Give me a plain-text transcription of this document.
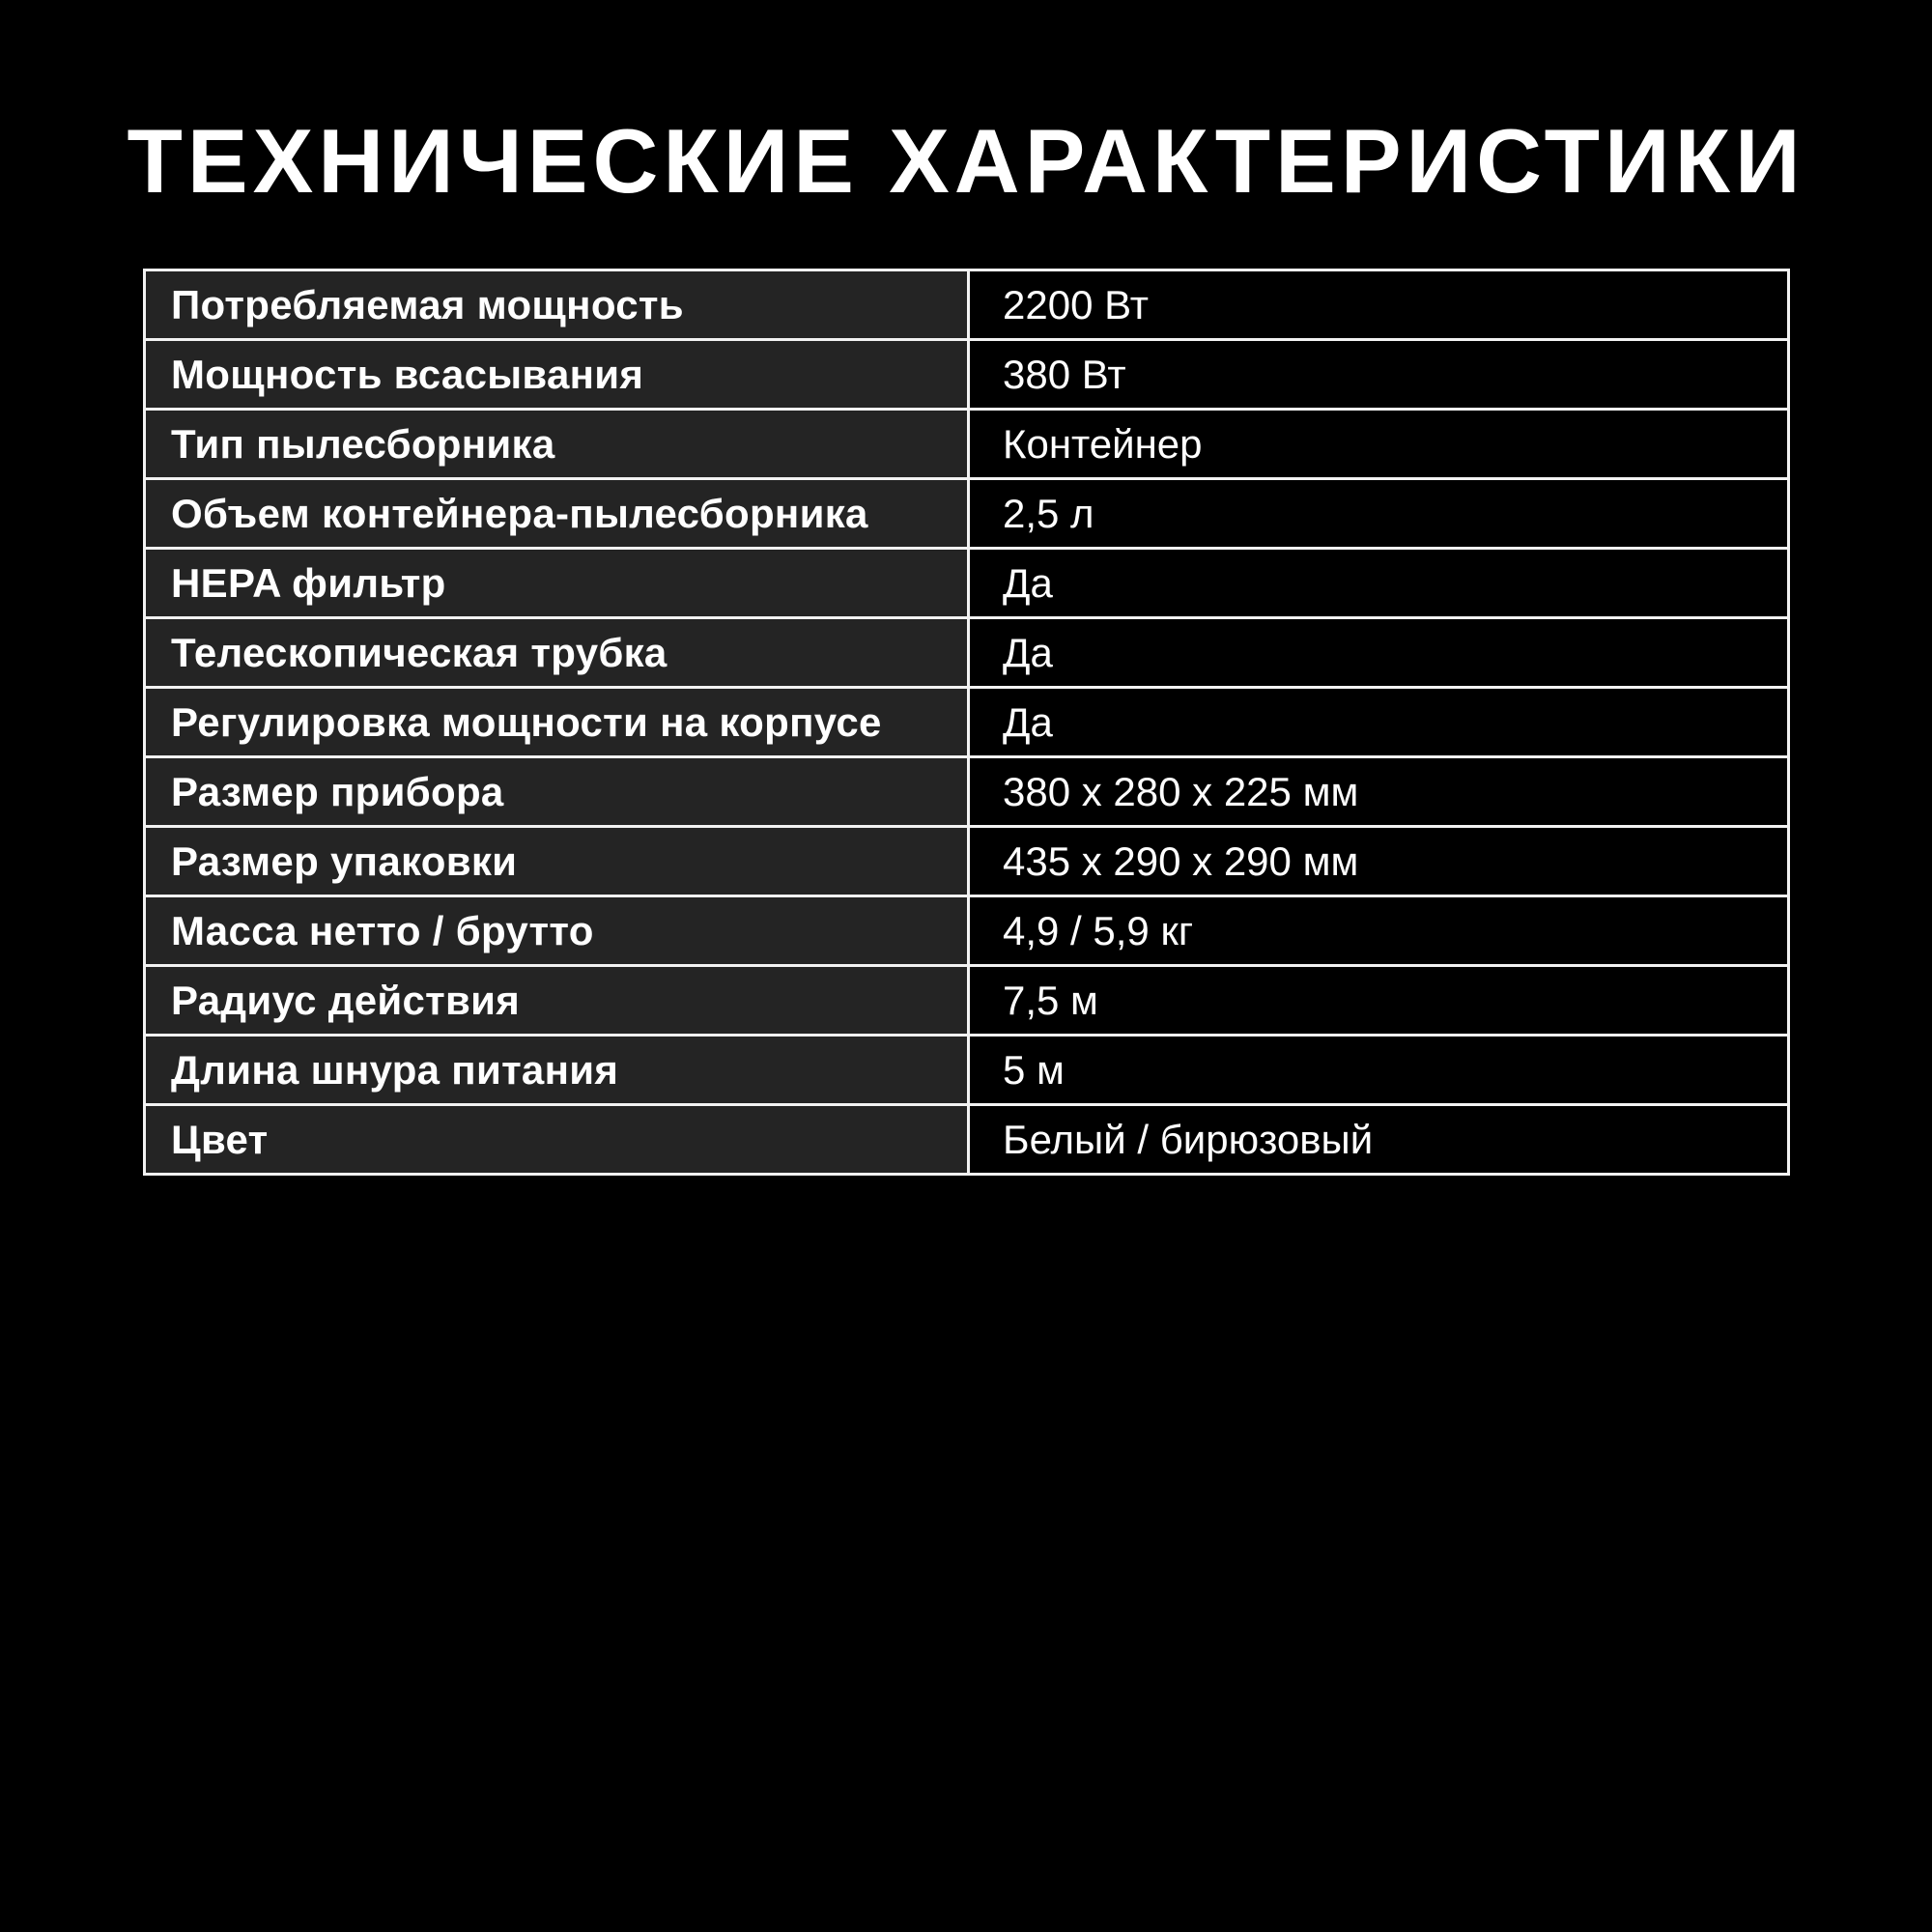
ТЕХНИЧЕСКИЕ ХАРАКТЕРИСТИКИ
Потребляемая мощность	2200 Вт
Мощность всасывания	380 Вт
Тип пылесборника	Контейнер
Объем контейнера-пылесборника	2,5 л
HEPA фильтр	Да
Телескопическая трубка	Да
Регулировка мощности на корпусе	Да
Размер прибора	380 х 280 х 225 мм
Размер упаковки	435 х 290 х 290 мм
Масса нетто / брутто	4,9 / 5,9 кг
Радиус действия	7,5 м
Длина шнура питания	5 м
Цвет	Белый / бирюзовый
